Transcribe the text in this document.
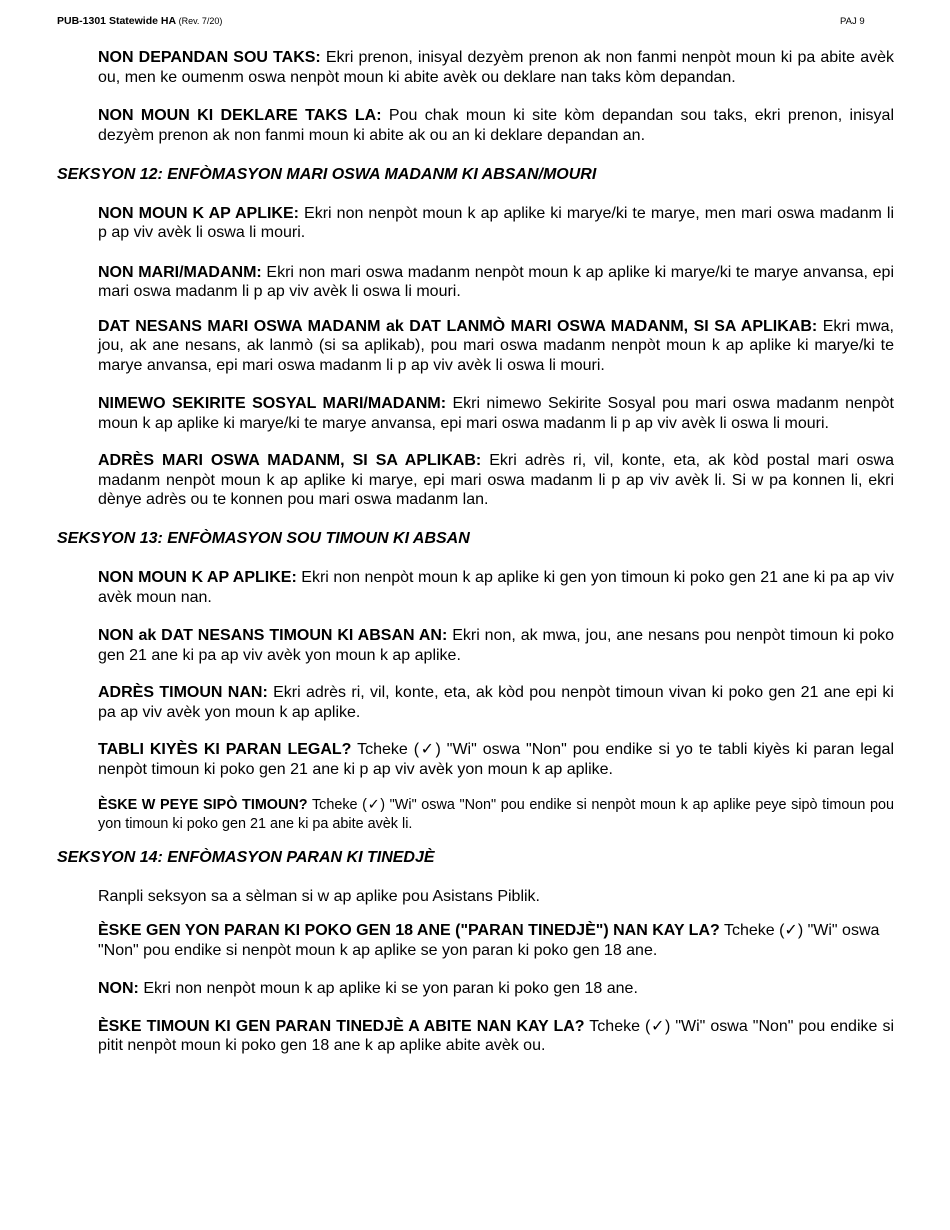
PUB-1301 Statewide HA (Rev. 7/20)	PAJ 9
NON DEPANDAN SOU TAKS: Ekri prenon, inisyal dezyèm prenon ak non fanmi nenpòt moun ki pa abite avèk ou, men ke oumenm oswa nenpòt moun ki abite avèk ou deklare nan taks kòm depandan.
NON MOUN KI DEKLARE TAKS LA: Pou chak moun ki site kòm depandan sou taks, ekri prenon, inisyal dezyèm prenon ak non fanmi moun ki abite ak ou an ki deklare depandan an.
SEKSYON 12: ENFÒMASYON MARI OSWA MADANM KI ABSAN/MOURI
NON MOUN K AP APLIKE: Ekri non nenpòt moun k ap aplike ki marye/ki te marye, men mari oswa madanm li p ap viv avèk li oswa li mouri.
NON MARI/MADANM: Ekri non mari oswa madanm nenpòt moun k ap aplike ki marye/ki te marye anvansa, epi mari oswa madanm li p ap viv avèk li oswa li mouri.
DAT NESANS MARI OSWA MADANM ak DAT LANMÒ MARI OSWA MADANM, SI SA APLIKAB: Ekri mwa, jou, ak ane nesans, ak lanmò (si sa aplikab), pou mari oswa madanm nenpòt moun k ap aplike ki marye/ki te marye anvansa, epi mari oswa madanm li p ap viv avèk li oswa li mouri.
NIMEWO SEKIRITE SOSYAL MARI/MADANM: Ekri nimewo Sekirite Sosyal pou mari oswa madanm nenpòt moun k ap aplike ki marye/ki te marye anvansa, epi mari oswa madanm li p ap viv avèk li oswa li mouri.
ADRÈS MARI OSWA MADANM, SI SA APLIKAB: Ekri adrès ri, vil, konte, eta, ak kòd postal mari oswa madanm nenpòt moun k ap aplike ki marye, epi mari oswa madanm li p ap viv avèk li. Si w pa konnen li, ekri dènye adrès ou te konnen pou mari oswa madanm lan.
SEKSYON 13: ENFÒMASYON SOU TIMOUN KI ABSAN
NON MOUN K AP APLIKE: Ekri non nenpòt moun k ap aplike ki gen yon timoun ki poko gen 21 ane ki pa ap viv avèk moun nan.
NON ak DAT NESANS TIMOUN KI ABSAN AN: Ekri non, ak mwa, jou, ane nesans pou nenpòt timoun ki poko gen 21 ane ki pa ap viv avèk yon moun k ap aplike.
ADRÈS TIMOUN NAN: Ekri adrès ri, vil, konte, eta, ak kòd pou nenpòt timoun vivan ki poko gen 21 ane epi ki pa ap viv avèk yon moun k ap aplike.
TABLI KIYÈS KI PARAN LEGAL? Tcheke (✓) "Wi" oswa "Non" pou endike si yo te tabli kiyès ki paran legal nenpòt timoun ki poko gen 21 ane ki p ap viv avèk yon moun k ap aplike.
ÈSKE W PEYE SIPÒ TIMOUN? Tcheke (✓) "Wi" oswa "Non" pou endike si nenpòt moun k ap aplike peye sipò timoun pou yon timoun ki poko gen 21 ane ki pa abite avèk li.
SEKSYON 14: ENFÒMASYON PARAN KI TINEDJÈ
Ranpli seksyon sa a sèlman si w ap aplike pou Asistans Piblik.
ÈSKE GEN YON PARAN KI POKO GEN 18 ANE ("PARAN TINEDJÈ") NAN KAY LA? Tcheke (✓) "Wi" oswa "Non" pou endike si nenpòt moun k ap aplike se yon paran ki poko gen 18 ane.
NON: Ekri non nenpòt moun k ap aplike ki se yon paran ki poko gen 18 ane.
ÈSKE TIMOUN KI GEN PARAN TINEDJÈ A ABITE NAN KAY LA? Tcheke (✓) "Wi" oswa "Non" pou endike si pitit nenpòt moun ki poko gen 18 ane k ap aplike abite avèk ou.
